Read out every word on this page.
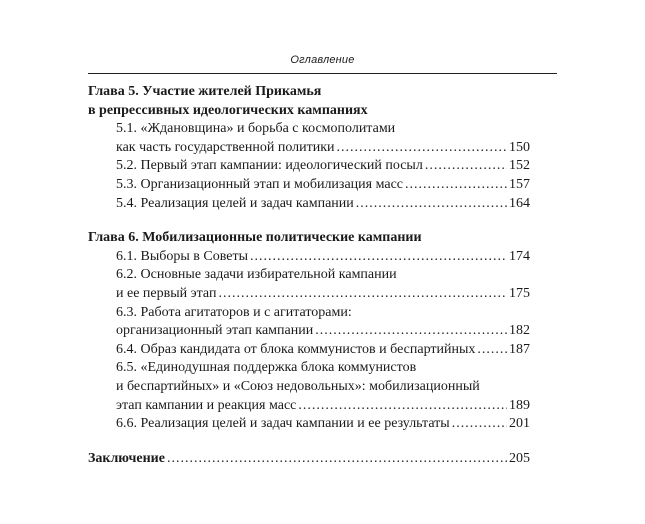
Оглавление
Глава 5. Участие жителей Прикамья
в репрессивных идеологических кампаниях
5.1. «Ждановщина» и борьба с космополитами
как часть государственной политики .....	150
5.2. Первый этап кампании: идеологический посыл .....	152
5.3. Организационный этап и мобилизация масс .....	157
5.4. Реализация целей и задач кампании .....	164
Глава 6. Мобилизационные политические кампании
6.1. Выборы в Советы .....	174
6.2. Основные задачи избирательной кампании
и ее первый этап .....	175
6.3. Работа агитаторов и с агитаторами:
организационный этап кампании .....	182
6.4. Образ кандидата от блока коммунистов и беспартийных ..... 187
6.5. «Единодушная поддержка блока коммунистов
и беспартийных» и «Союз недовольных»: мобилизационный
этап кампании и реакция масс .....	189
6.6. Реализация целей и задач кампании и ее результаты .....	201
Заключение .....	205
